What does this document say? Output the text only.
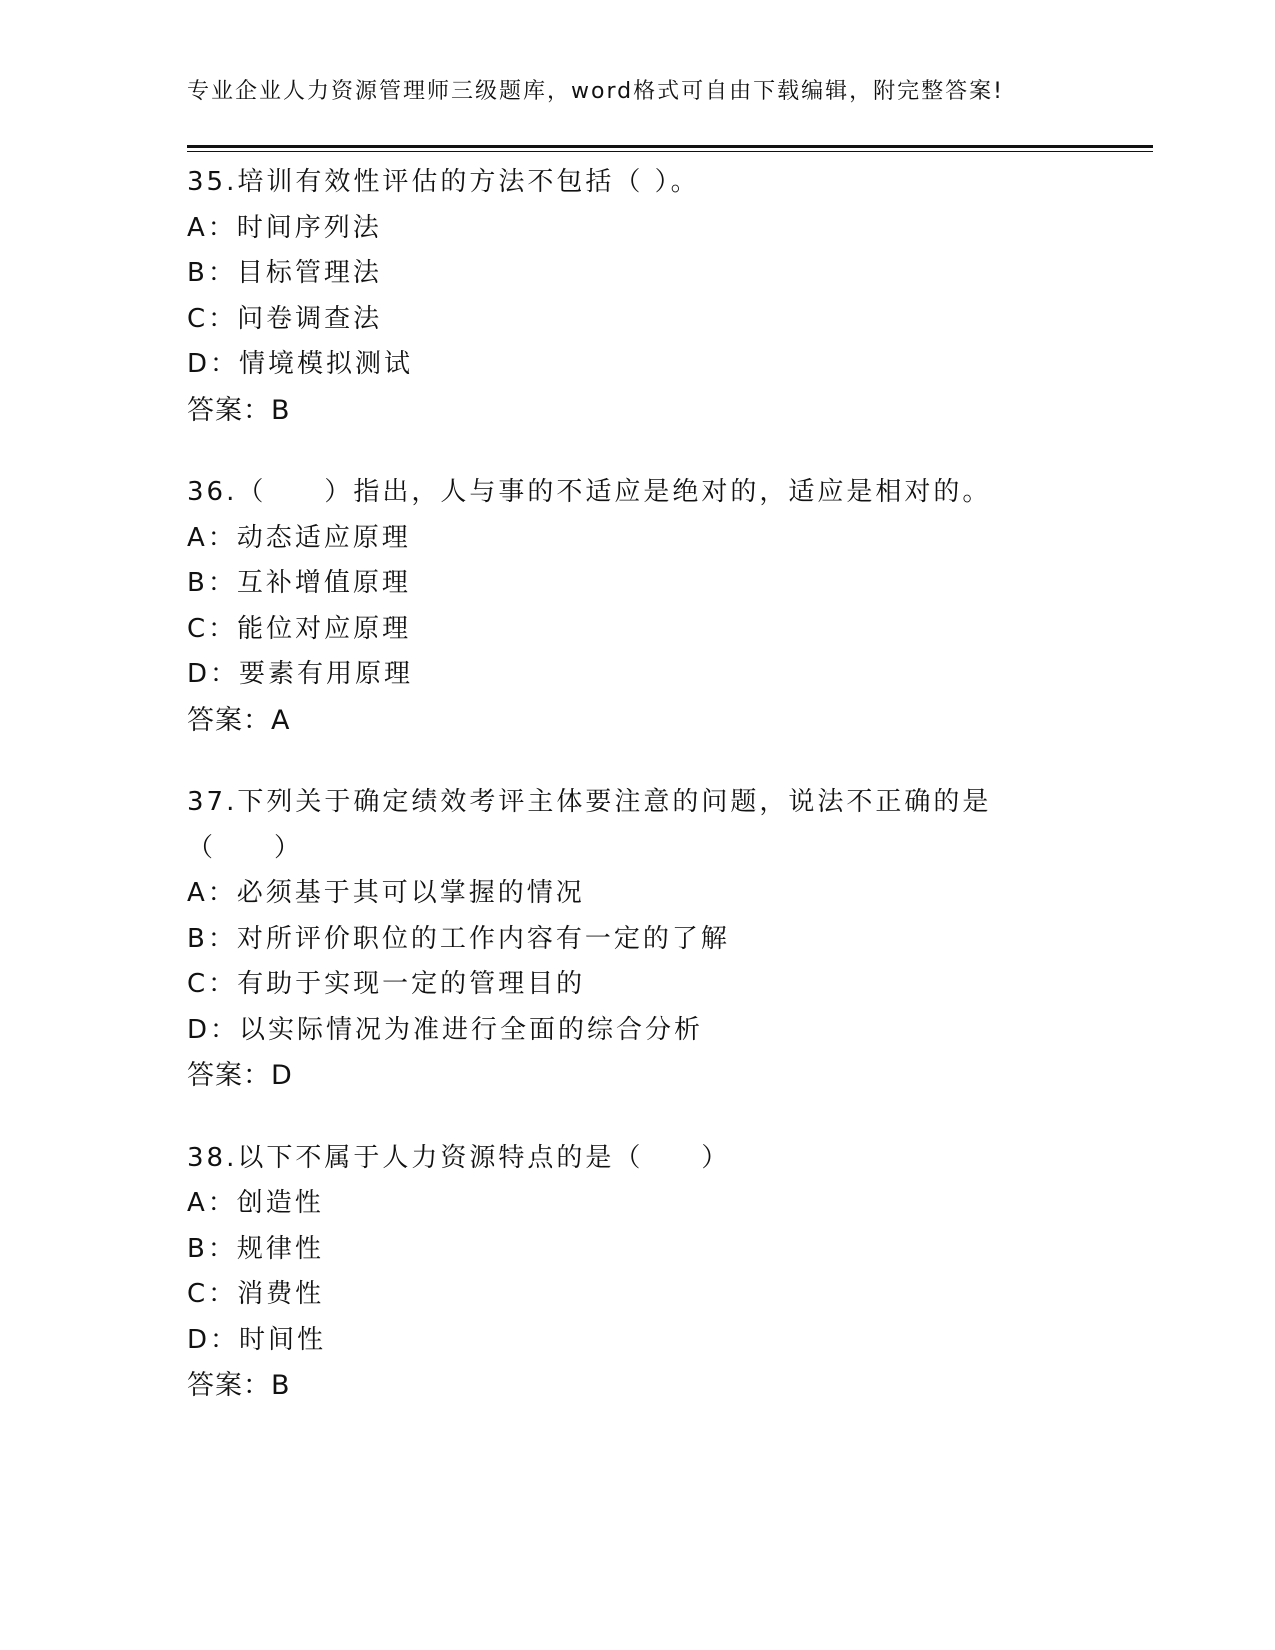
专业企业人力资源管理师三级题库，word格式可自由下载编辑，附完整答案!
35.培训有效性评估的方法不包括（ ）。
A：时间序列法
B：目标管理法
C：问卷调查法
D：情境模拟测试
答案：B
36.（　　）指出，人与事的不适应是绝对的，适应是相对的。
A：动态适应原理
B：互补增值原理
C：能位对应原理
D：要素有用原理
答案：A
37.下列关于确定绩效考评主体要注意的问题，说法不正确的是（　　）
A：必须基于其可以掌握的情况
B：对所评价职位的工作内容有一定的了解
C：有助于实现一定的管理目的
D：以实际情况为准进行全面的综合分析
答案：D
38.以下不属于人力资源特点的是（　　）
A：创造性
B：规律性
C：消费性
D：时间性
答案：B
